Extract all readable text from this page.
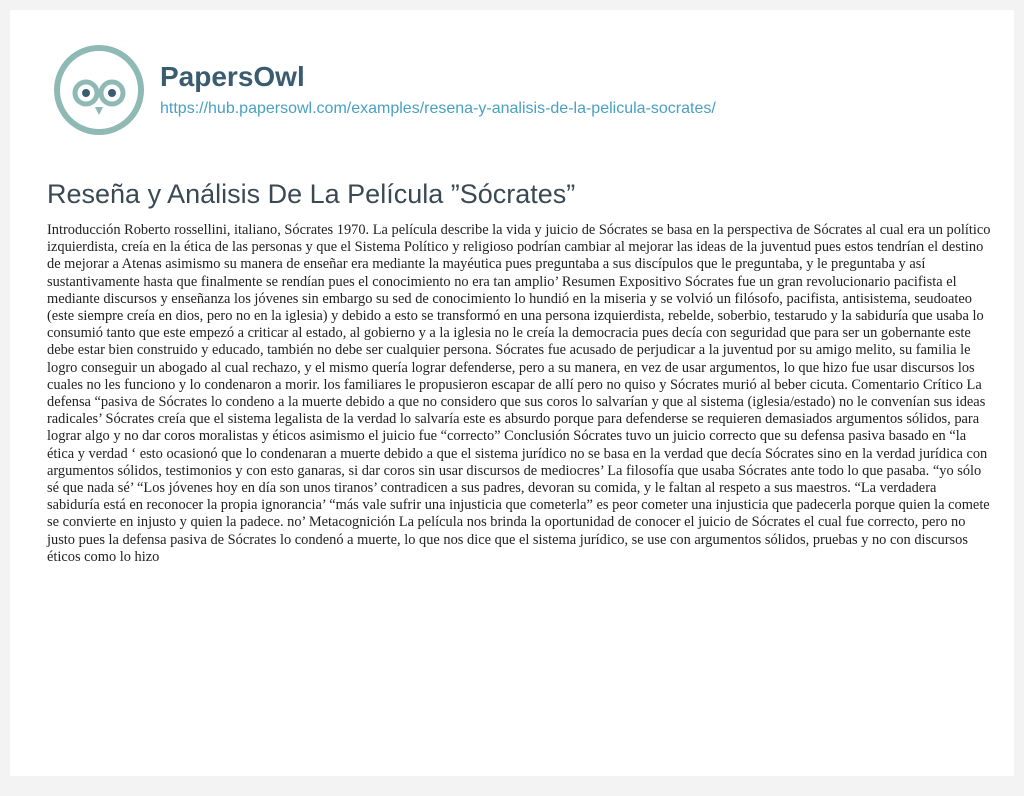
PapersOwl
https://hub.papersowl.com/examples/resena-y-analisis-de-la-pelicula-socrates/
Reseña y Análisis De La Película ”Sócrates”

Introducción Roberto rossellini, italiano, Sócrates 1970. La película describe la vida y juicio de Sócrates se basa en la perspectiva de Sócrates al cual era un político izquierdista, creía en la ética de las personas y que el Sistema Político y religioso podrían cambiar al mejorar las ideas de la juventud pues estos tendrían el destino de mejorar a Atenas asimismo su manera de enseñar era mediante la mayéutica pues preguntaba a sus discípulos que le preguntaba, y le preguntaba y así sustantivamente hasta que finalmente se rendían pues el conocimiento no era tan amplio’ Resumen Expositivo Sócrates fue un gran revolucionario pacifista el mediante discursos y enseñanza los jóvenes sin embargo su sed de conocimiento lo hundió en la miseria y se volvió un filósofo, pacifista, antisistema, seudoateo (este siempre creía en dios, pero no en la iglesia) y debido a esto se transformó en una persona izquierdista, rebelde, soberbio, testarudo y la sabiduría que usaba lo consumió tanto que este empezó a criticar al estado, al gobierno y a la iglesia no le creía la democracia pues decía con seguridad que para ser un gobernante este debe estar bien construido y educado, también no debe ser cualquier persona. Sócrates fue acusado de perjudicar a la juventud por su amigo melito, su familia le logro conseguir un abogado al cual rechazo, y el mismo quería lograr defenderse, pero a su manera, en vez de usar argumentos, lo que hizo fue usar discursos los cuales no les funciono y lo condenaron a morir. los familiares le propusieron escapar de allí pero no quiso y Sócrates murió al beber cicuta. Comentario Crítico La defensa “pasiva de Sócrates lo condeno a la muerte debido a que no considero que sus coros lo salvarían y que al sistema (iglesia/estado) no le convenían sus ideas radicales’ Sócrates creía que el sistema legalista de la verdad lo salvaría este es absurdo porque para defenderse se requieren demasiados argumentos sólidos, para lograr algo y no dar coros moralistas y éticos asimismo el juicio fue “correcto” Conclusión Sócrates tuvo un juicio correcto que su defensa pasiva basado en “la ética y verdad ‘ esto ocasionó que lo condenaran a muerte debido a que el sistema jurídico no se basa en la verdad que decía Sócrates sino en la verdad jurídica con argumentos sólidos, testimonios y con esto ganaras, si dar coros sin usar discursos de mediocres’ La filosofía que usaba Sócrates ante todo lo que pasaba. “yo sólo sé que nada sé’ “Los jóvenes hoy en día son unos tiranos’ contradicen a sus padres, devoran su comida, y le faltan al respeto a sus maestros. “La verdadera sabiduría está en reconocer la propia ignorancia’ “más vale sufrir una injusticia que cometerla” es peor cometer una injusticia que padecerla porque quien la comete se convierte en injusto y quien la padece. no’ Metacognición La película nos brinda la oportunidad de conocer el juicio de Sócrates el cual fue correcto, pero no justo pues la defensa pasiva de Sócrates lo condenó a muerte, lo que nos dice que el sistema jurídico, se use con argumentos sólidos, pruebas y no con discursos éticos como lo hizo
